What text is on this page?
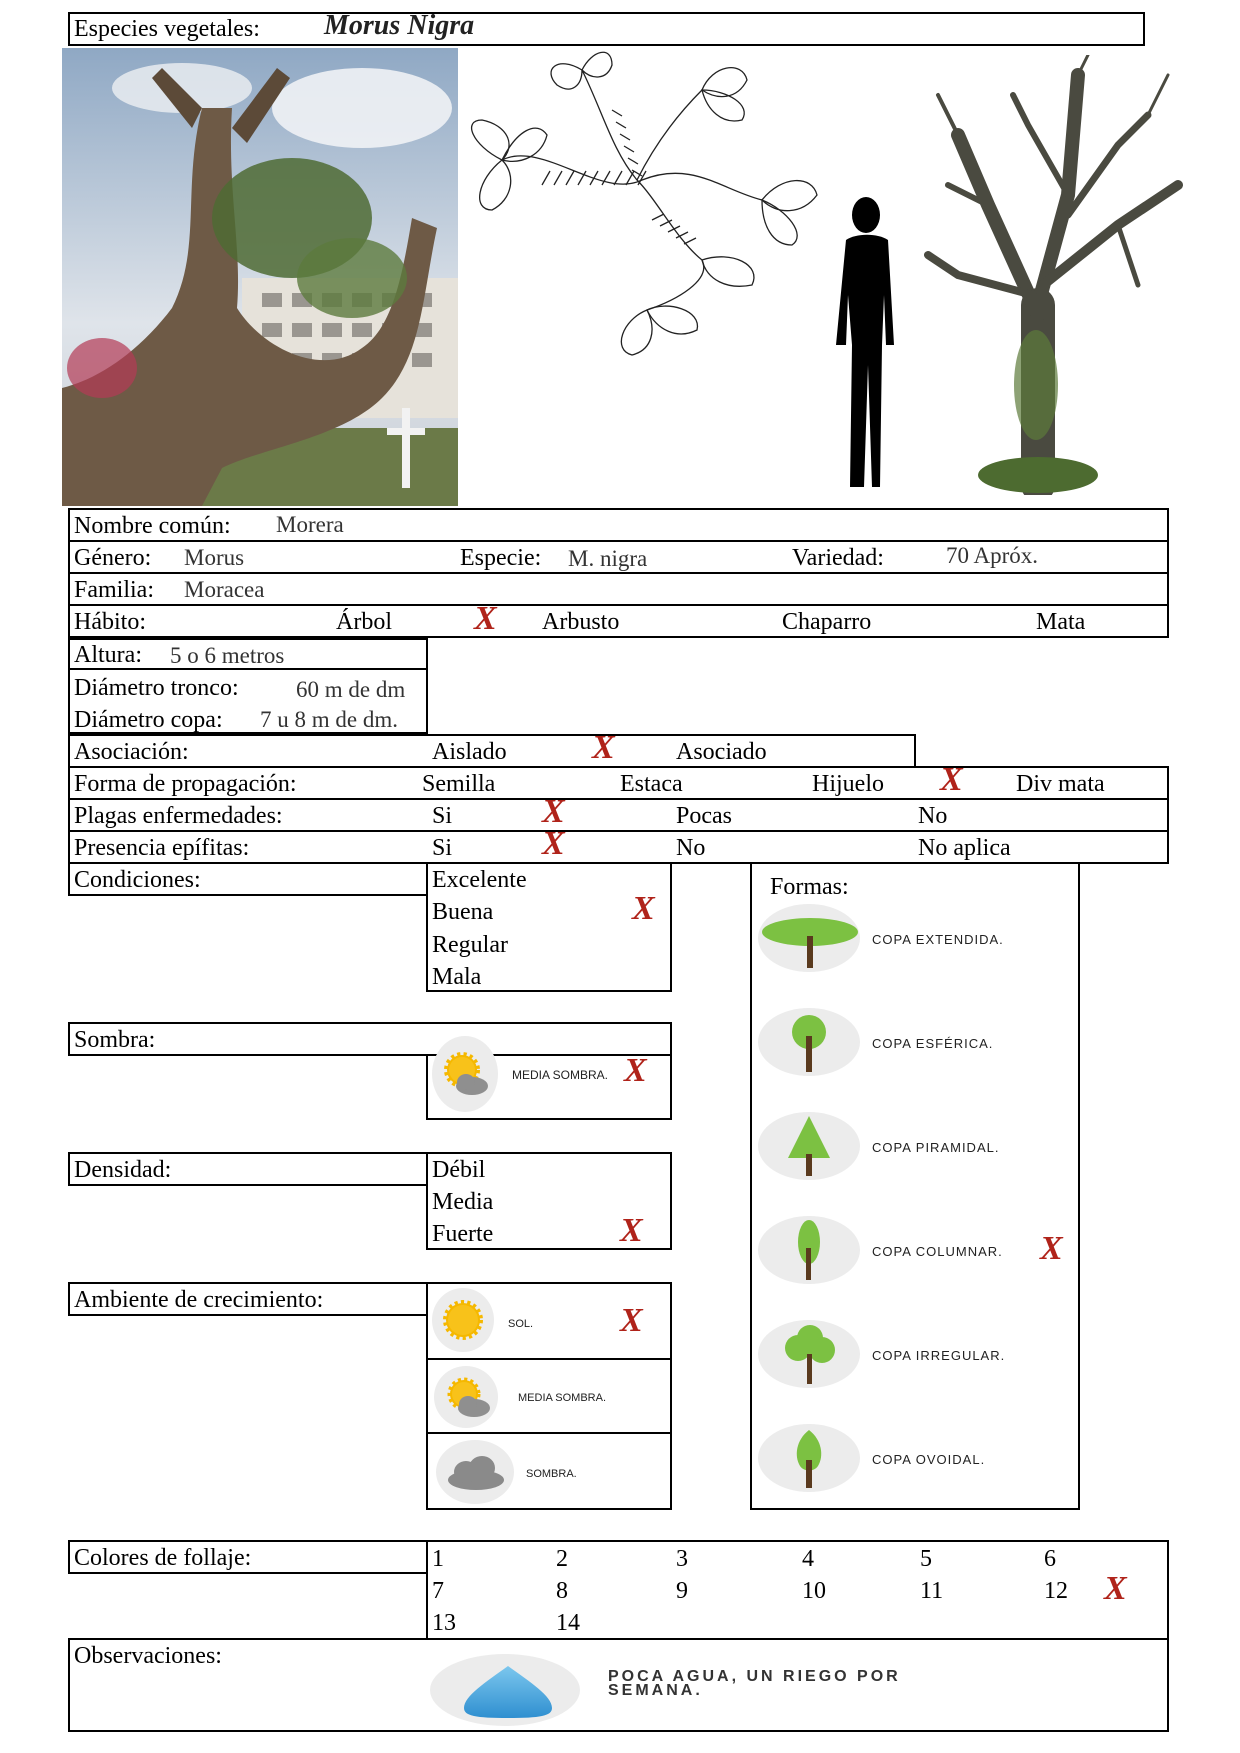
Especies vegetales: Morus Nigra
Nombre común: Morera
Género: Morus	Especie: M. nigra	Variedad:	70 Apróx.
Familia: Moracea
Hábito:	Árbol X Arbusto	Chaparro	Mata
Altura: 5 o 6 metros
Diámetro tronco: 60 m de dm
Diámetro copa: 7 u 8 m de dm.
Asociación:	Aislado	X	Asociado
Forma de propagación:	Semilla	Estaca	Hijuelo X Div mata
Plagas enfermedades:	Si	X	Pocas	No
Presencia epífitas:	Si	X	No	No aplica
Condiciones:	Excelente
Buena	X
Regular
Mala
Sombra:
MEDIA SOMBRA. X
Densidad:	Débil
Media
Fuerte	X
Ambiente de crecimiento:
SOL.	X
MEDIA SOMBRA.
SOMBRA.
Formas:
COPA EXTENDIDA.
COPA ESFÉRICA.
COPA PIRAMIDAL.
COPA COLUMNAR. X
COPA IRREGULAR.
COPA OVOIDAL.
Colores de follaje:	1	2	3	4	5	6
7	8	9	10	11	12 X
13	14
Observaciones:
POCA AGUA, UN RIEGO POR SEMANA.
